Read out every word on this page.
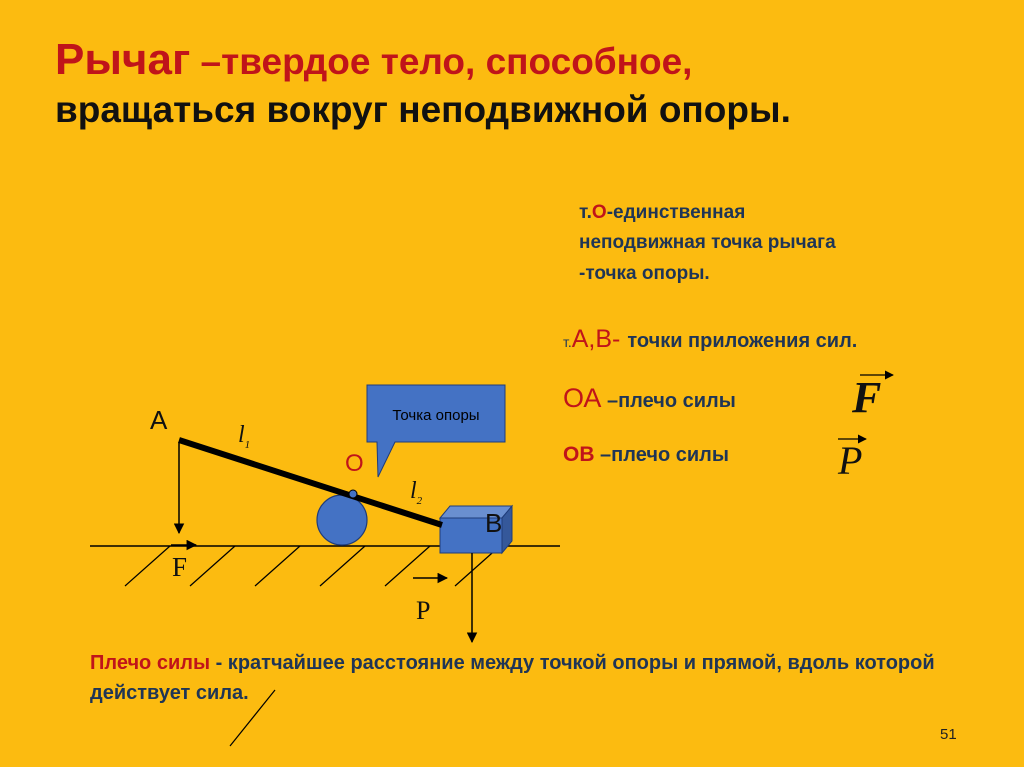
Рычаг –твердое тело, способное,
вращаться вокруг неподвижной опоры.
т.О-единственная
неподвижная точка рычага
-точка опоры.
т.А,В- точки приложения сил.
ОА –плечо силы
ОВ –плечо силы
Точка опоры
А
В
О
$l_1$
$l_2$
F
P
F
P
Плечо силы - кратчайшее расстояние между точкой опоры и прямой, вдоль которой действует сила.
51
